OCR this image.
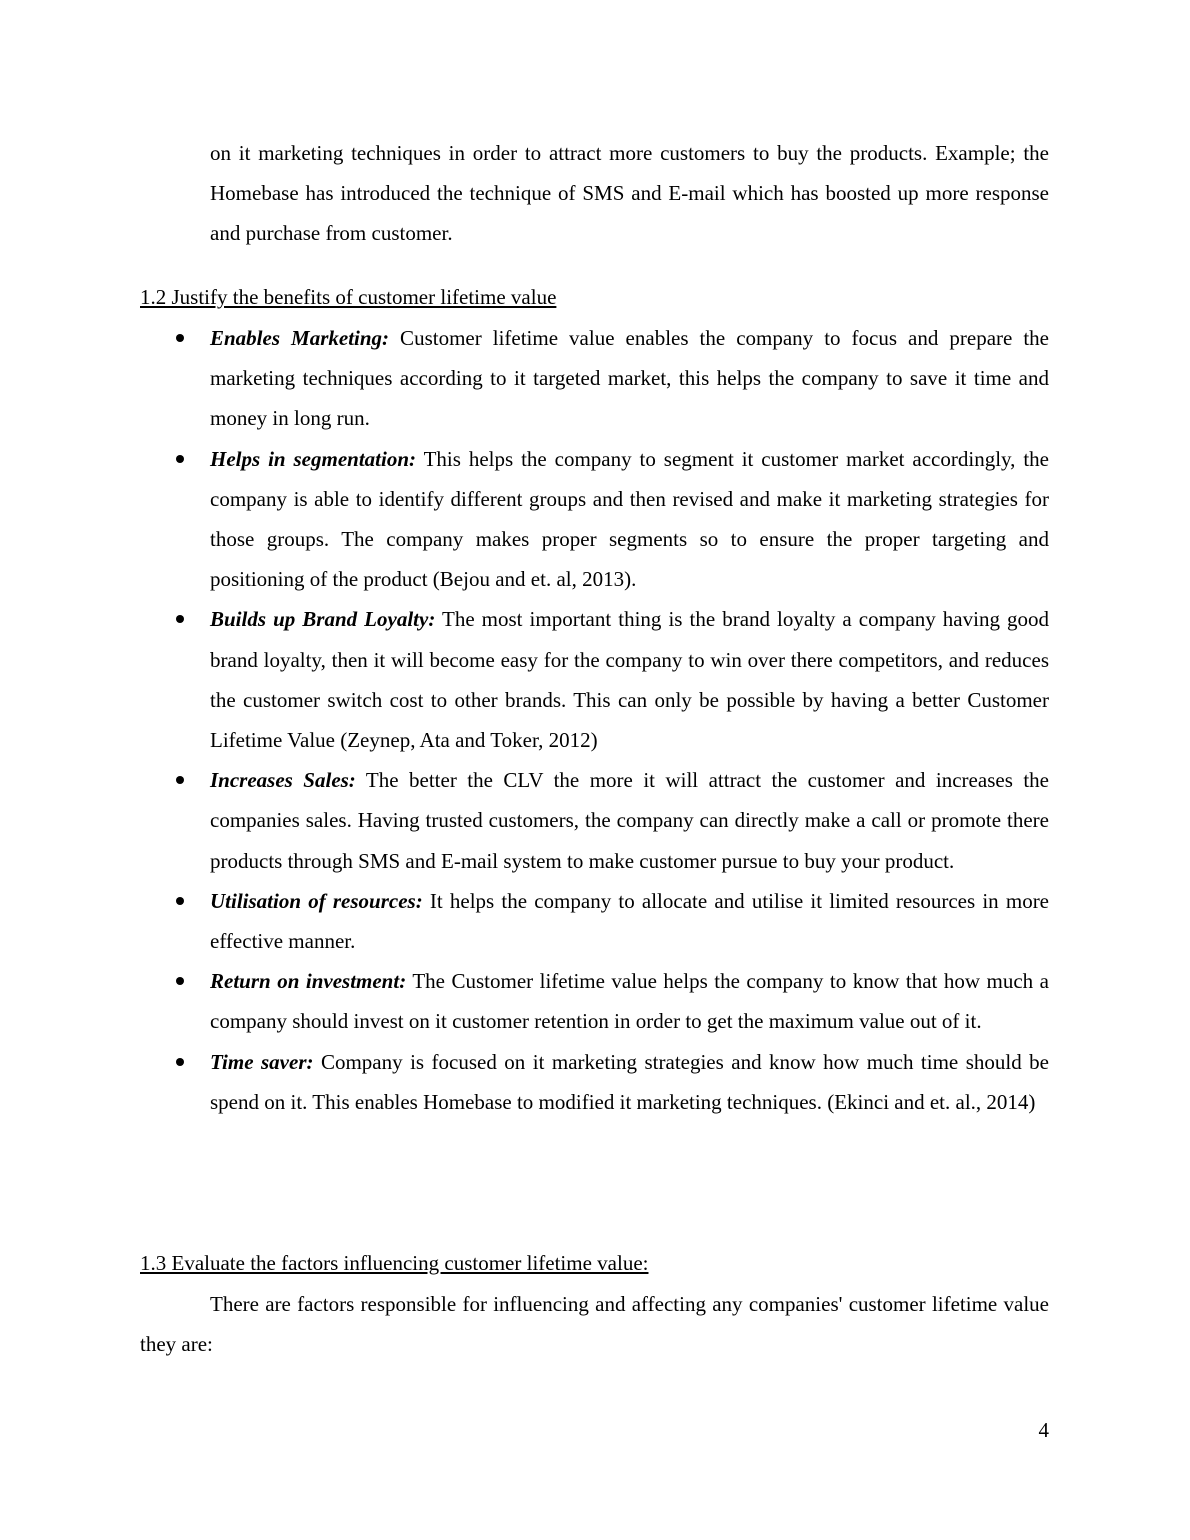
on it marketing techniques in order to attract more customers to buy the products. Example; the Homebase has introduced the technique of SMS and E-mail which has boosted up more response and purchase from customer.
1.2 Justify the benefits of customer lifetime value
Enables Marketing: Customer lifetime value enables the company to focus and prepare the marketing techniques according to it targeted market, this helps the company to save it time and money in long run.
Helps in segmentation: This helps the company to segment it customer market accordingly, the company is able to identify different groups and then revised and make it marketing strategies for those groups. The company makes proper segments so to ensure the proper targeting and positioning of the product (Bejou and et. al, 2013).
Builds up Brand Loyalty: The most important thing is the brand loyalty a company having good brand loyalty, then it will become easy for the company to win over there competitors, and reduces the customer switch cost to other brands. This can only be possible by having a better Customer Lifetime Value (Zeynep, Ata and Toker, 2012)
Increases Sales: The better the CLV the more it will attract the customer and increases the companies sales. Having trusted customers, the company can directly make a call or promote there products through SMS and E-mail system to make customer pursue to buy your product.
Utilisation of resources: It helps the company to allocate and utilise it limited resources in more effective manner.
Return on investment: The Customer lifetime value helps the company to know that how much a company should invest on it customer retention in order to get the maximum value out of it.
Time saver: Company is focused on it marketing strategies and know how much time should be spend on it. This enables Homebase to modified it marketing techniques. (Ekinci and et. al., 2014)
1.3 Evaluate the factors influencing customer lifetime value:
There are factors responsible for influencing and affecting any companies' customer lifetime value they are:
4
